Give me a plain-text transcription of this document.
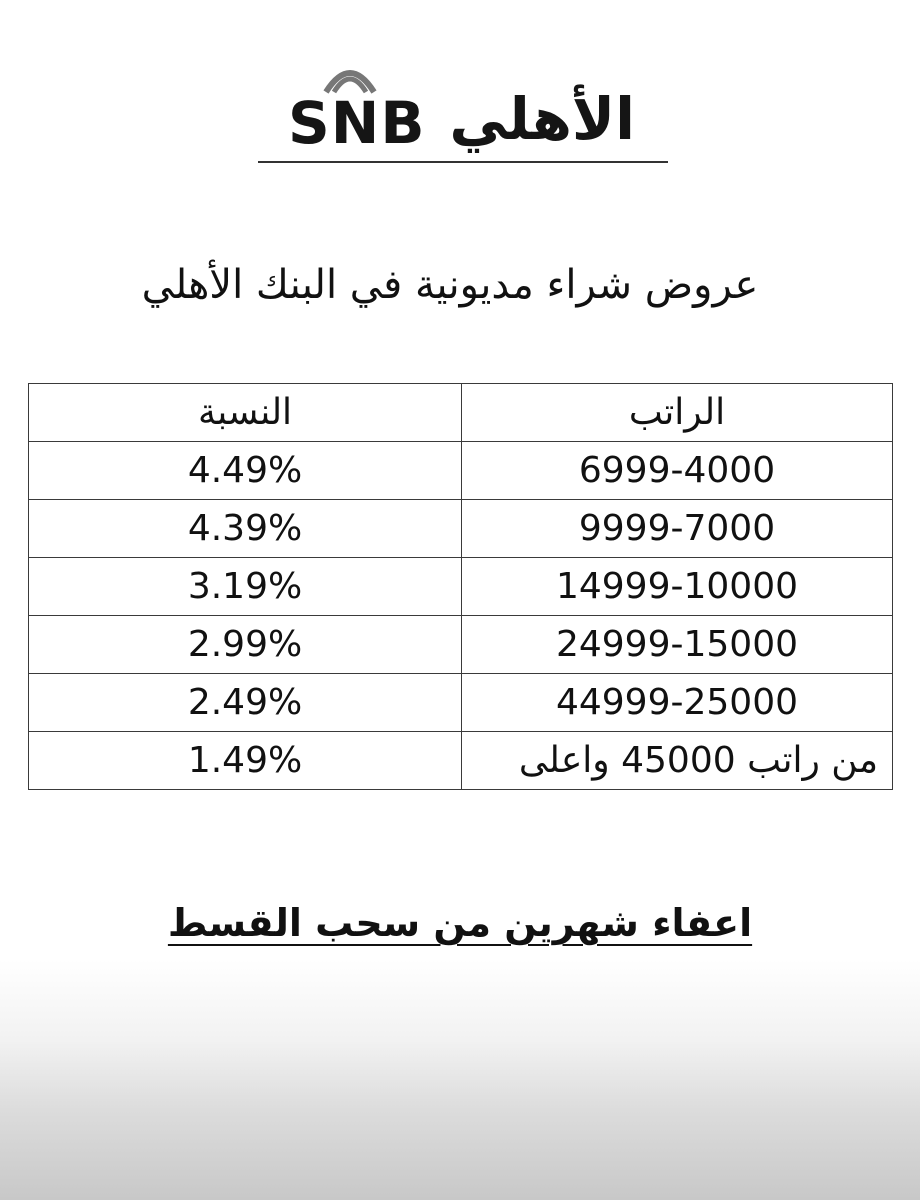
SNB الأهلي
عروض شراء مديونية في البنك الأهلي
النسبة	الراتب
4.49%	6999-4000
4.39%	9999-7000
3.19%	14999-10000
2.99%	24999-15000
2.49%	44999-25000
1.49%	من راتب 45000 واعلى
اعفاء شهرين من سحب القسط
